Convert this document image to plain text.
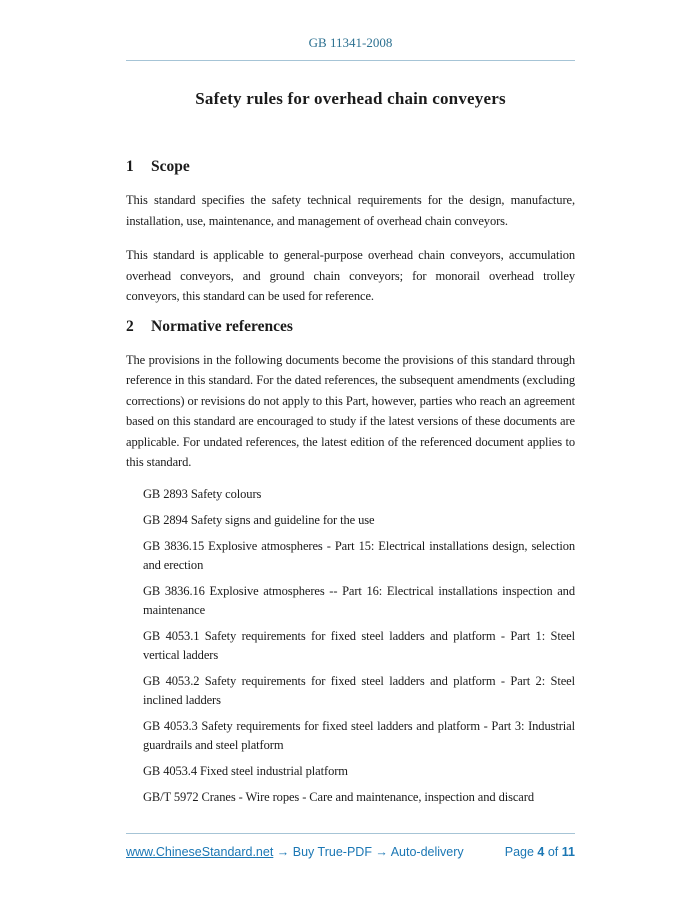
GB 11341-2008
Safety rules for overhead chain conveyers
1 Scope

This standard specifies the safety technical requirements for the design, manufacture, installation, use, maintenance, and management of overhead chain conveyors.

This standard is applicable to general-purpose overhead chain conveyors, accumulation overhead conveyors, and ground chain conveyors; for monorail overhead trolley conveyors, this standard can be used for reference.

2 Normative references

The provisions in the following documents become the provisions of this standard through reference in this standard. For the dated references, the subsequent amendments (excluding corrections) or revisions do not apply to this Part, however, parties who reach an agreement based on this standard are encouraged to study if the latest versions of these documents are applicable. For undated references, the latest edition of the referenced document applies to this standard.

GB 2893 Safety colours

GB 2894 Safety signs and guideline for the use

GB 3836.15 Explosive atmospheres - Part 15: Electrical installations design, selection and erection

GB 3836.16 Explosive atmospheres -- Part 16: Electrical installations inspection and maintenance

GB 4053.1 Safety requirements for fixed steel ladders and platform - Part 1: Steel vertical ladders

GB 4053.2 Safety requirements for fixed steel ladders and platform - Part 2: Steel inclined ladders

GB 4053.3 Safety requirements for fixed steel ladders and platform - Part 3: Industrial guardrails and steel platform

GB 4053.4 Fixed steel industrial platform

GB/T 5972 Cranes - Wire ropes - Care and maintenance, inspection and discard

www.ChineseStandard.net → Buy True-PDF → Auto-delivery	Page 4 of 11
